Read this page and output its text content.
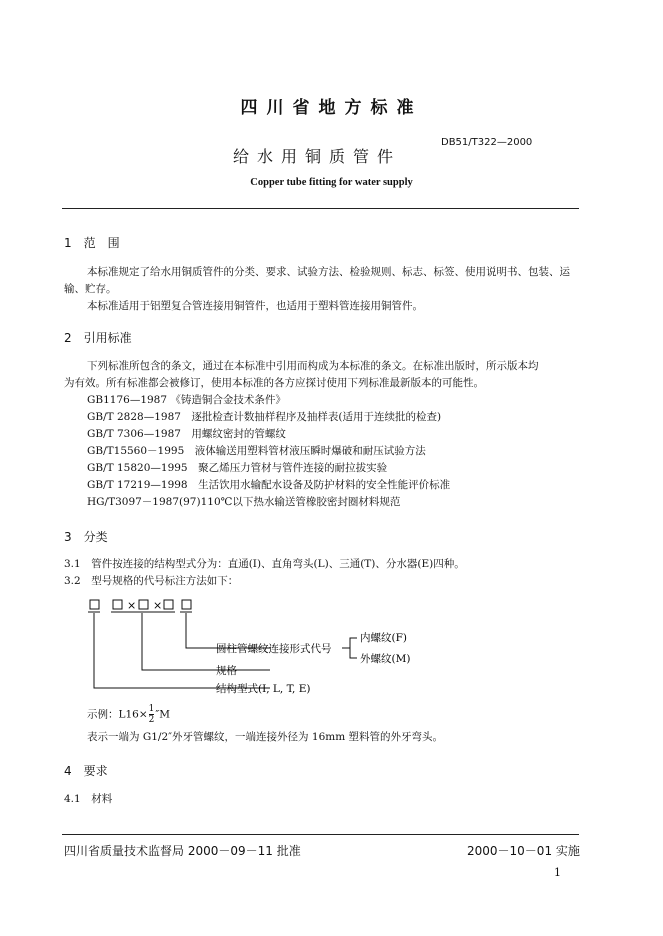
四川省地方标准
给水用铜质管件
DB51/T322—2000
Copper tube fitting for water supply
1　范　围
本标准规定了给水用铜质管件的分类、要求、试验方法、检验规则、标志、标签、使用说明书、包装、运
输、贮存。
本标准适用于铝塑复合管连接用铜管件，也适用于塑料管连接用铜管件。
2　引用标准
下列标准所包含的条文，通过在本标准中引用而构成为本标准的条文。在标准出版时，所示版本均
为有效。所有标准都会被修订，使用本标准的各方应探讨使用下列标准最新版本的可能性。
GB1176—1987 《铸造铜合金技术条件》
GB/T 2828—1987　逐批检查计数抽样程序及抽样表(适用于连续批的检查)
GB/T 7306—1987　用螺纹密封的管螺纹
GB/T15560－1995　液体输送用塑料管材液压瞬时爆破和耐压试验方法
GB/T 15820—1995　聚乙烯压力管材与管件连接的耐拉拔实验
GB/T 17219—1998　生活饮用水输配水设备及防护材料的安全性能评价标准
HG/T3097－1987(97)110℃以下热水输送管橡胶密封圈材料规范
3　分类
3.1　管件按连接的结构型式分为：直通(I)、直角弯头(L)、三通(T)、分水器(E)四种。
3.2　型号规格的代号标注方法如下：
× ×
圆柱管螺纹连接形式代号
内螺纹(F)
外螺纹(M)
规格
结构型式(I, L, T, E)
示例：$L16\times \frac{1}{2} ''M$
表示一端为 G1/2″外牙管螺纹，一端连接外径为 16mm 塑料管的外牙弯头。
4　要求
4.1　材料
四川省质量技术监督局 2000－09－11 批准	2000－10－01 实施
1
